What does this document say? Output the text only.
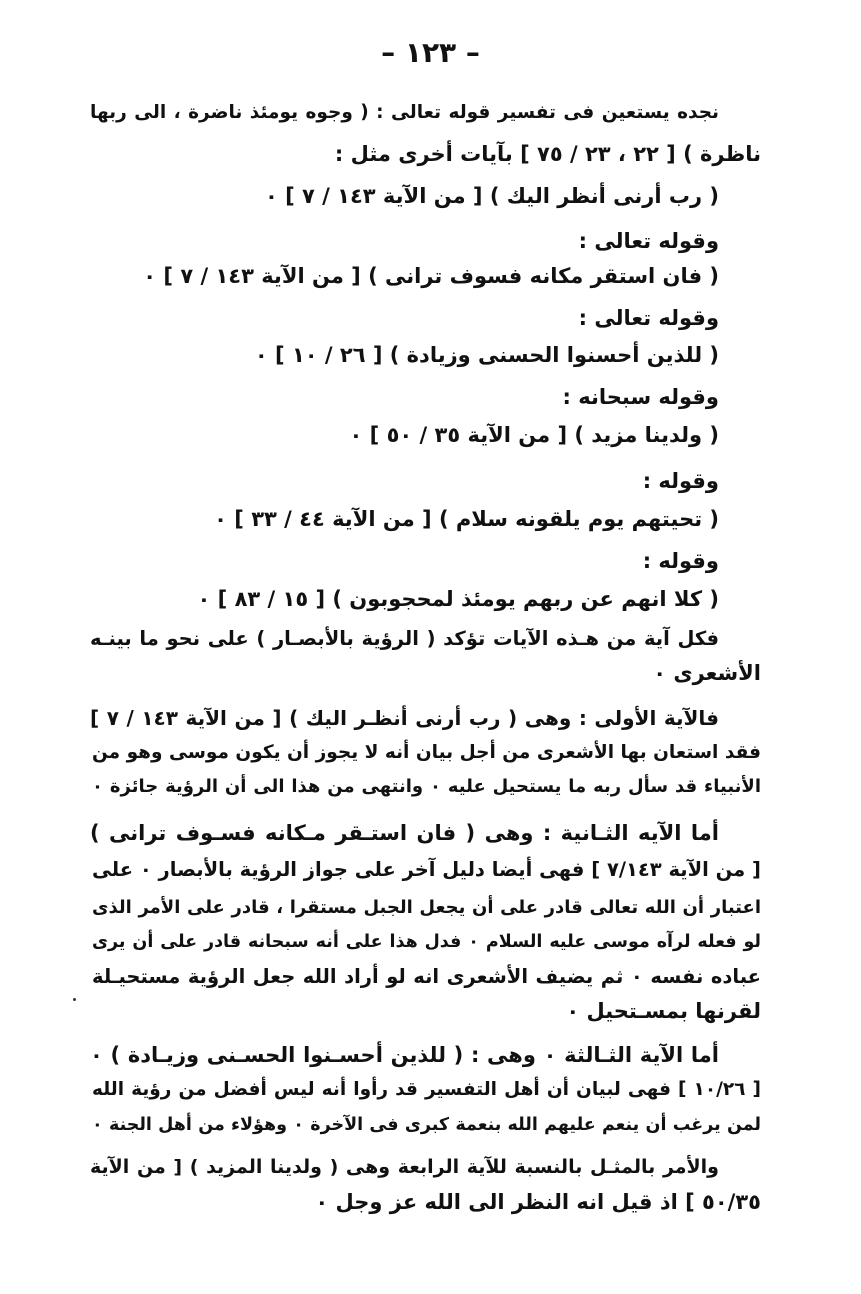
– ١٢٣ –
نجده يستعين فى تفسير قوله تعالى : ( وجوه يومئذ ناضرة ، الى ربها
ناظرة ) [ ٢٢ ، ٢٣ / ٧٥ ] بآيات أخرى مثل :
( رب أرنى أنظر اليك ) [ من الآية ١٤٣ / ٧ ] ٠
وقوله تعالى :
( فان استقر مكانه فسوف ترانى ) [ من الآية ١٤٣ / ٧ ] ٠
وقوله تعالى :
( للذين أحسنوا الحسنى وزيادة ) [ ٢٦ / ١٠ ] ٠
وقوله سبحانه :
( ولدينا مزيد ) [ من الآية ٣٥ / ٥٠ ] ٠
وقوله :
( تحيتهم يوم يلقونه سلام ) [ من الآية ٤٤ / ٣٣ ] ٠
وقوله :
( كلا انهم عن ربهم يومئذ لمحجوبون ) [ ١٥ / ٨٣ ] ٠
فكل آية من هـذه الآيات تؤكد ( الرؤية بالأبصـار ) على نحو ما بينـه
الأشعرى ٠
فالآية الأولى : وهى ( رب أرنى أنظـر اليك ) [ من الآية ١٤٣ / ٧ ]
فقد استعان بها الأشعرى من أجل بيان أنه لا يجوز أن يكون موسى وهو من
الأنبياء قد سأل ربه ما يستحيل عليه ٠ وانتهى من هذا الى أن الرؤية جائزة ٠
أما الآيه الثـانية : وهى ( فان استـقر مـكانه فسـوف ترانى )
[ من الآية ٧/١٤٣ ] فهى أيضا دليل آخر على جواز الرؤية بالأبصار ٠ على
اعتبار أن الله تعالى قادر على أن يجعل الجبل مستقرا ، قادر على الأمر الذى
لو فعله لرآه موسى عليه السلام ٠ فدل هذا على أنه سبحانه قادر على أن يرى
عباده نفسه ٠ ثم يضيف الأشعرى انه لو أراد الله جعل الرؤية مستحيـلة
لقرنها بمسـتحيل ٠
أما الآية الثـالثة ٠ وهى : ( للذين أحسـنوا الحسـنى وزيـادة ) ٠
[ ١٠/٢٦ ] فهى لبيان أن أهل التفسير قد رأوا أنه ليس أفضل من رؤية الله
لمن يرغب أن ينعم عليهم الله بنعمة كبرى فى الآخرة ٠ وهؤلاء من أهل الجنة ٠
والأمر بالمثـل بالنسبة للآية الرابعة وهى ( ولدينا المزيد ) [ من الآية
٥٠/٣٥ ] اذ قيل انه النظر الى الله عز وجل ٠
